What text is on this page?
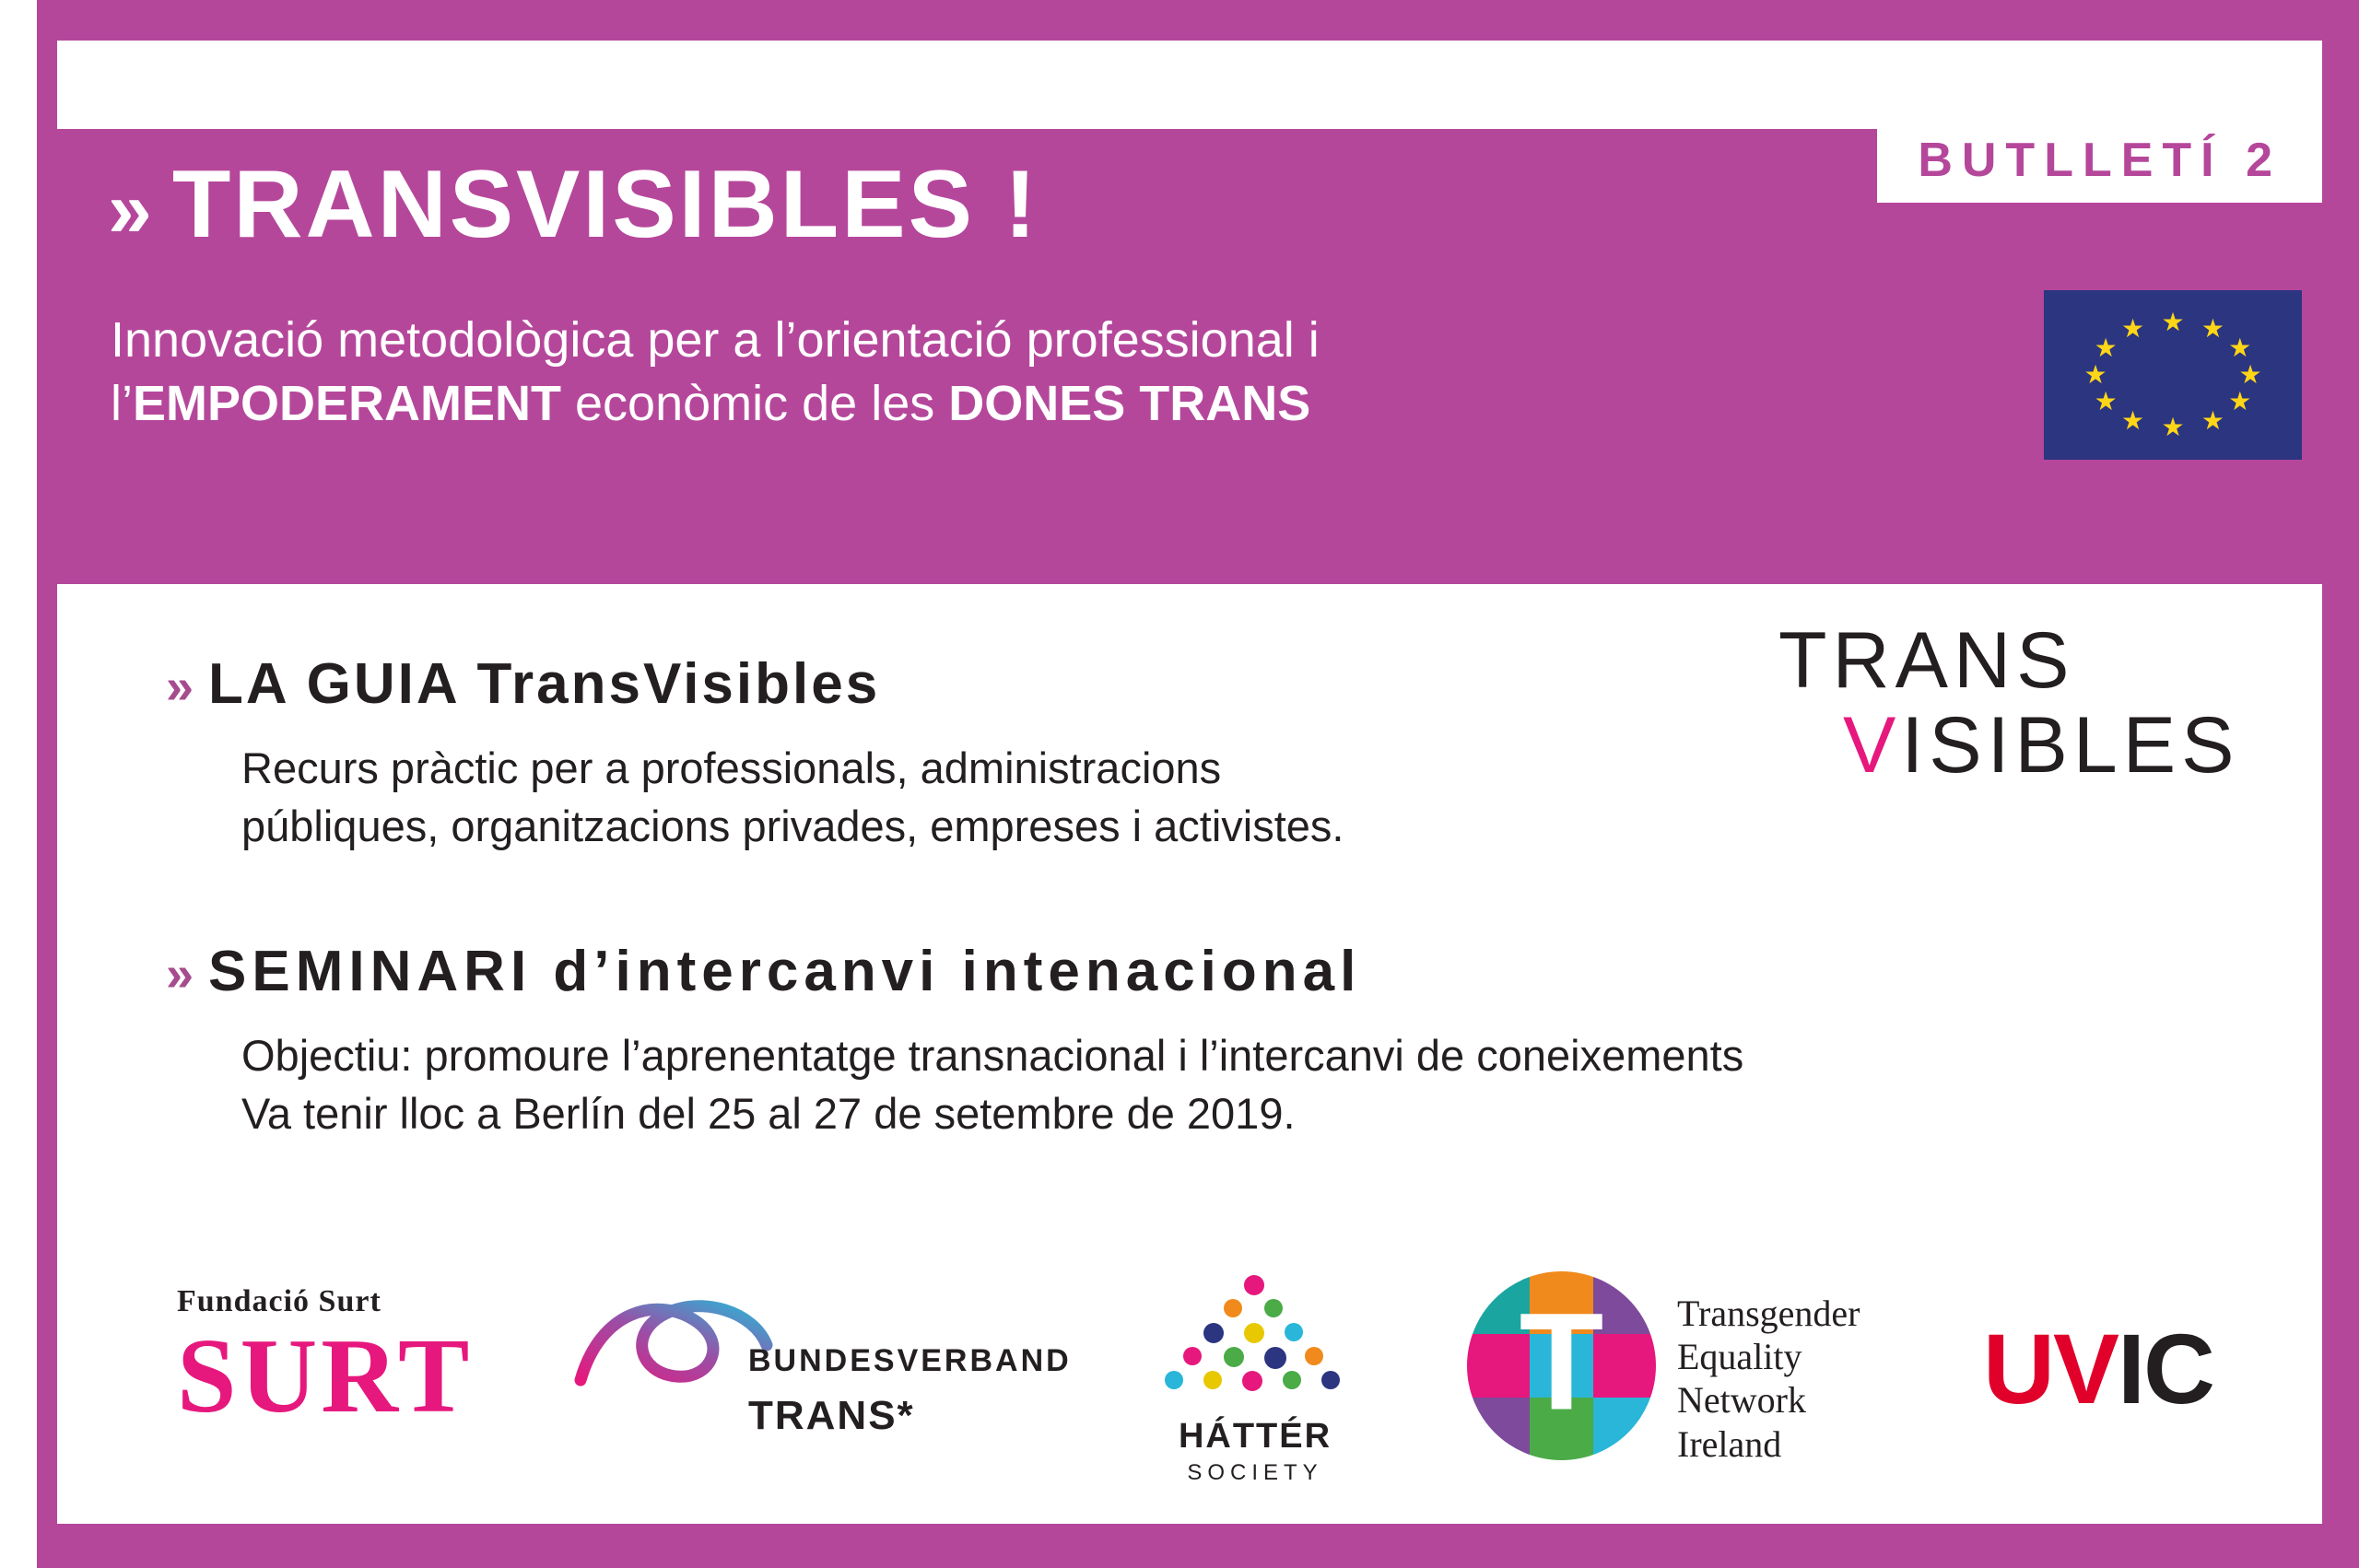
» TRANSVISIBLES !
Innovació metodològica per a l’orientació professional i
l’EMPODERAMENT econòmic de les DONES TRANS
BUTLLETÍ 2
★ ★
★
★
★
★
★
★
★
★
★
★
TRANS
VISIBLES
» LA GUIA TransVisibles
Recurs pràctic per a professionals, administracions
públiques, organitzacions privades, empreses i activistes.
» SEMINARI d’intercanvi intenacional
Objectiu: promoure l’aprenentatge transnacional i l’intercanvi de coneixements
Va tenir lloc a Berlín del 25 al 27 de setembre de 2019.
Fundació Surt
SURT	BUNDESVERBAND
TRANS*	HÁTTÉR
SOCIETY
T Transgender
Equality
Network
Ireland
UVIC
